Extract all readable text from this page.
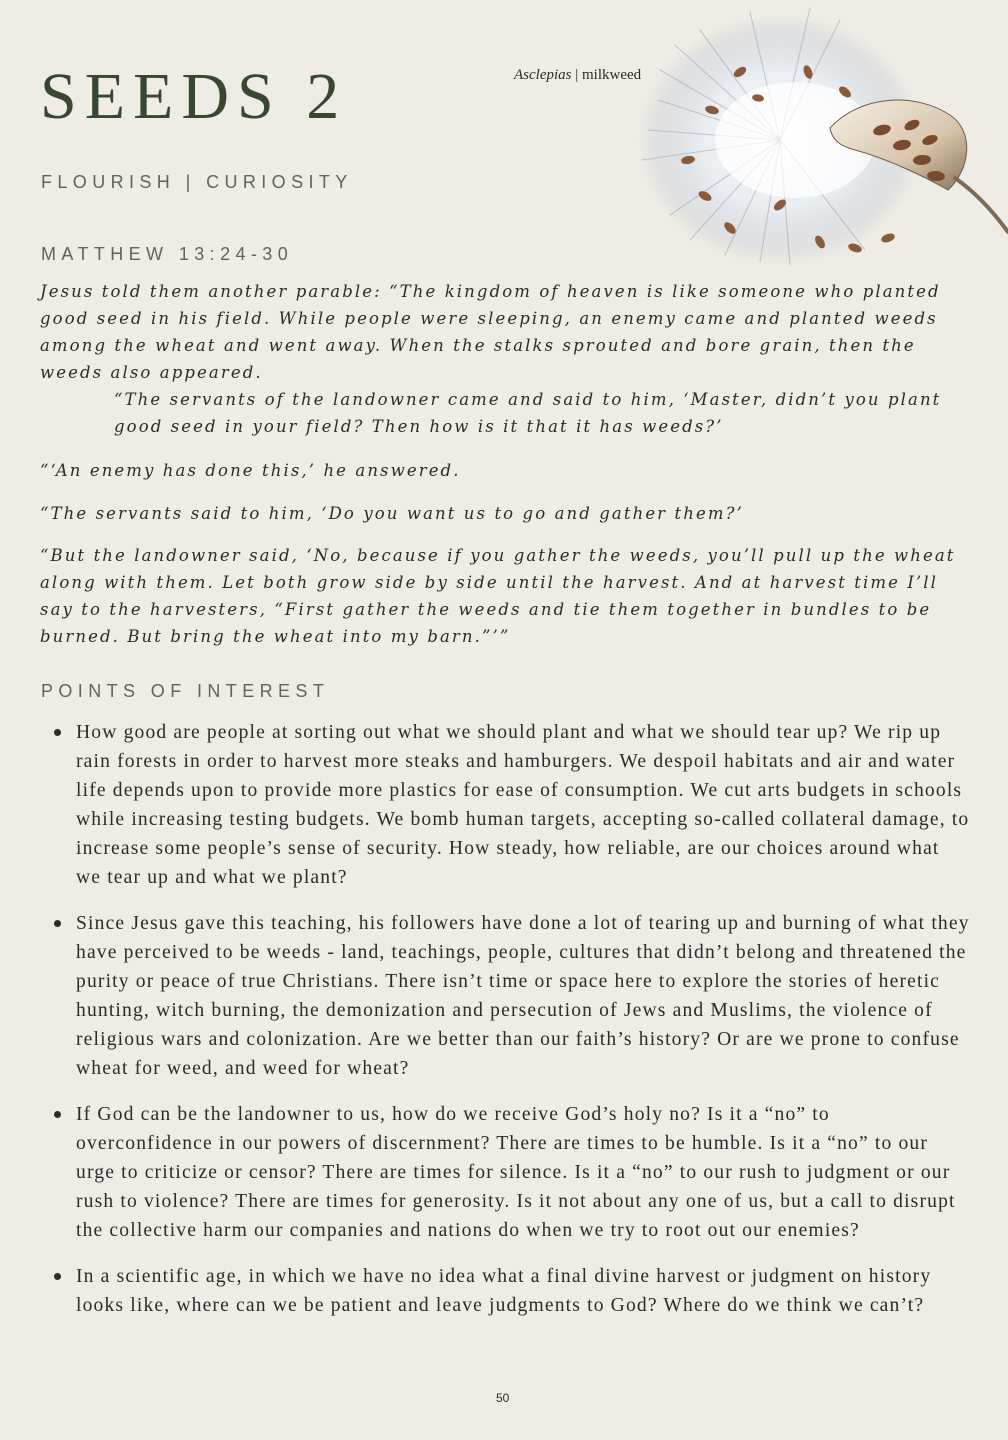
SEEDS 2
FLOURISH | CURIOSITY
Asclepias | milkweed
MATTHEW 13:24-30

Jesus told them another parable: “The kingdom of heaven is like someone who planted good seed in his field. While people were sleeping, an enemy came and planted weeds among the wheat and went away. When the stalks sprouted and bore grain, then the weeds also appeared.

“The servants of the landowner came and said to him, ‘Master, didn’t you plant good seed in your field? Then how is it that it has weeds?’

“‘An enemy has done this,’ he answered.

“The servants said to him, ‘Do you want us to go and gather them?’

“But the landowner said, ‘No, because if you gather the weeds, you’ll pull up the wheat along with them. Let both grow side by side until the harvest. And at harvest time I’ll say to the harvesters, “First gather the weeds and tie them together in bundles to be burned. But bring the wheat into my barn.”’”

POINTS OF INTEREST
How good are people at sorting out what we should plant and what we should tear up? We rip up rain forests in order to harvest more steaks and hamburgers. We despoil habitats and air and water life depends upon to provide more plastics for ease of consumption. We cut arts budgets in schools while increasing testing budgets. We bomb human targets, accepting so-called collateral damage, to increase some people’s sense of security. How steady, how reliable, are our choices around what we tear up and what we plant?
Since Jesus gave this teaching, his followers have done a lot of tearing up and burning of what they have perceived to be weeds - land, teachings, people, cultures that didn’t belong and threatened the purity or peace of true Christians. There isn’t time or space here to explore the stories of heretic hunting, witch burning, the demonization and persecution of Jews and Muslims, the violence of religious wars and colonization. Are we better than our faith’s history? Or are we prone to confuse wheat for weed, and weed for wheat?
If God can be the landowner to us, how do we receive God’s holy no? Is it a “no” to overconfidence in our powers of discernment? There are times to be humble. Is it a “no” to our urge to criticize or censor? There are times for silence. Is it a “no” to our rush to judgment or our rush to violence? There are times for generosity. Is it not about any one of us, but a call to disrupt the collective harm our companies and nations do when we try to root out our enemies?
In a scientific age, in which we have no idea what a final divine harvest or judgment on history looks like, where can we be patient and leave judgments to God? Where do we think we can’t?
50
